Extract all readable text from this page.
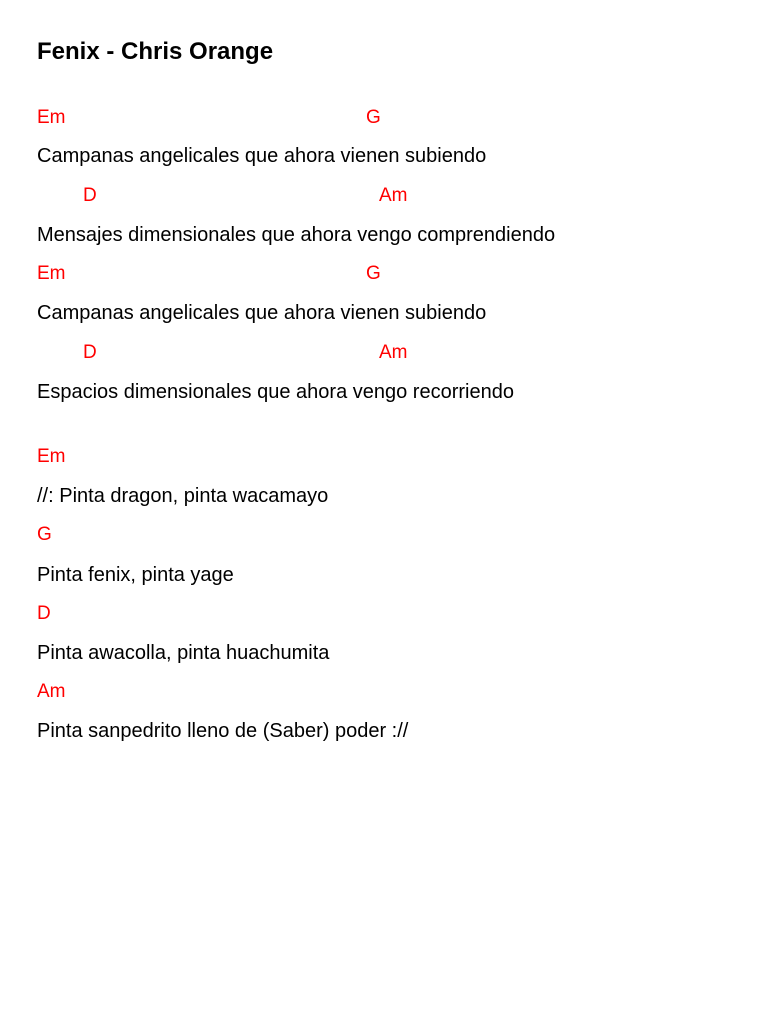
Fenix - Chris Orange
Em	G
Campanas angelicales que ahora vienen subiendo
D	Am
Mensajes dimensionales que ahora vengo comprendiendo
Em	G
Campanas angelicales que ahora vienen subiendo
D	Am
Espacios dimensionales que ahora vengo recorriendo
Em
//: Pinta dragon, pinta wacamayo
G
Pinta fenix, pinta yage
D
Pinta awacolla, pinta huachumita
Am
Pinta sanpedrito lleno de (Saber) poder ://
